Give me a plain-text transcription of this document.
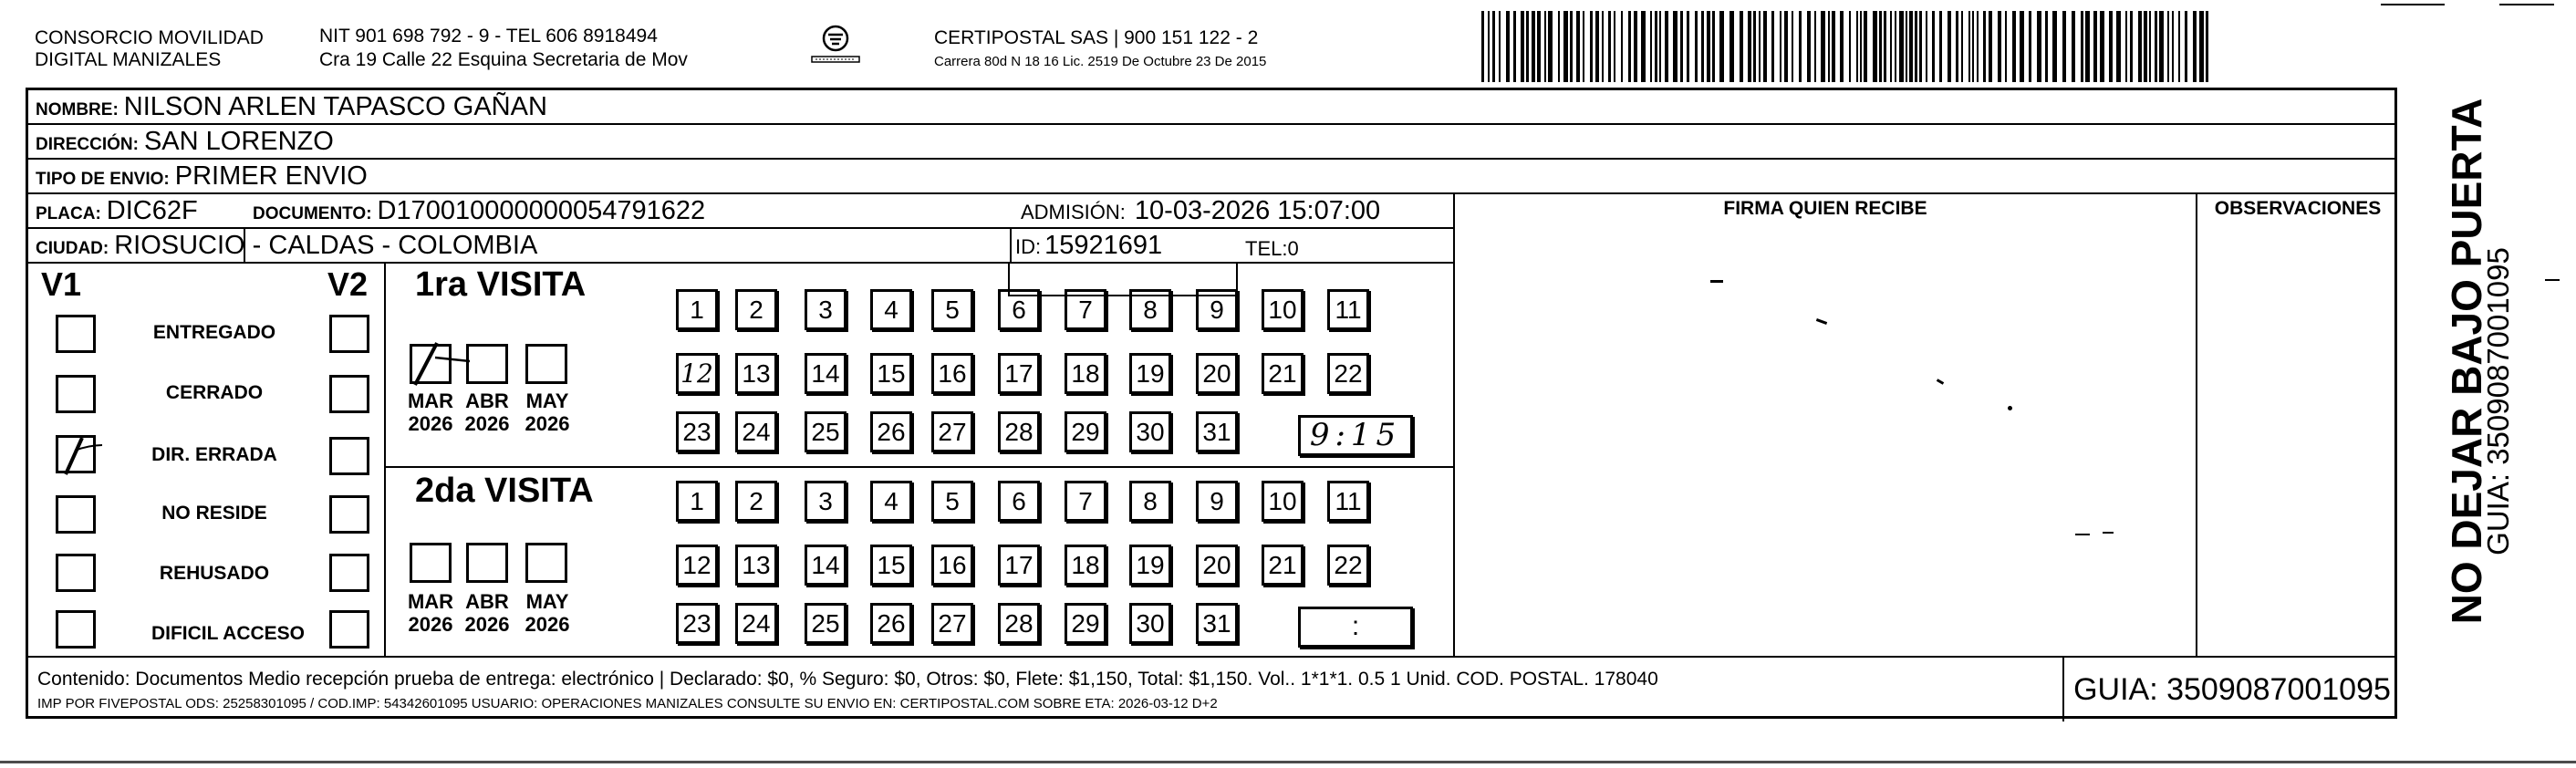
CONSORCIO MOVILIDAD
DIGITAL MANIZALES
NIT 901 698 792 - 9 - TEL 606 8918494
Cra 19 Calle 22 Esquina Secretaria de Mov
CERTIPOSTAL SAS | 900 151 122 - 2
Carrera 80d N 18 16 Lic. 2519 De Octubre 23 De 2015
NOMBRE: NILSON ARLEN TAPASCO GAÑAN
DIRECCIÓN: SAN LORENZO
TIPO DE ENVIO: PRIMER ENVIO
PLACA: DIC62F	DOCUMENTO: D170010000000054791622	ADMISIÓN: 10-03-2026 15:07:00
CIUDAD: RIOSUCIO - CALDAS - COLOMBIA	ID: 15921691	TEL:0
FIRMA QUIEN RECIBE	OBSERVACIONES
V1	V2
ENTREGADO
CERRADO
DIR. ERRADA
NO RESIDE
REHUSADO
DIFICIL ACCESO
1ra VISITA
MAR
2026
ABR
2026
MAY
2026
1	2	3	4	5	6	7	8	9	10	11
12 13 14 15 16 17 18 19 20 21 22
23 24 25 26 27 28 29 30 31	9:15
2da VISITA
MAR
2026
ABR
2026
MAY
2026
1	2	3	4	5	6	7	8	9	10	11
12 13 14 15 16 17 18 19 20 21 22
23 24 25 26 27 28 29 30 31	:
Contenido: Documentos Medio recepción prueba de entrega: electrónico | Declarado: $0, % Seguro: $0, Otros: $0, Flete: $1,150, Total: $1,150. Vol.. 1*1*1. 0.5 1 Unid. COD. POSTAL. 178040
IMP POR FIVEPOSTAL ODS: 25258301095 / COD.IMP: 54342601095 USUARIO: OPERACIONES MANIZALES CONSULTE SU ENVIO EN: CERTIPOSTAL.COM SOBRE ETA: 2026-03-12 D+2	GUIA: 3509087001095
NO DEJAR BAJO PUERTA
GUIA: 3509087001095
